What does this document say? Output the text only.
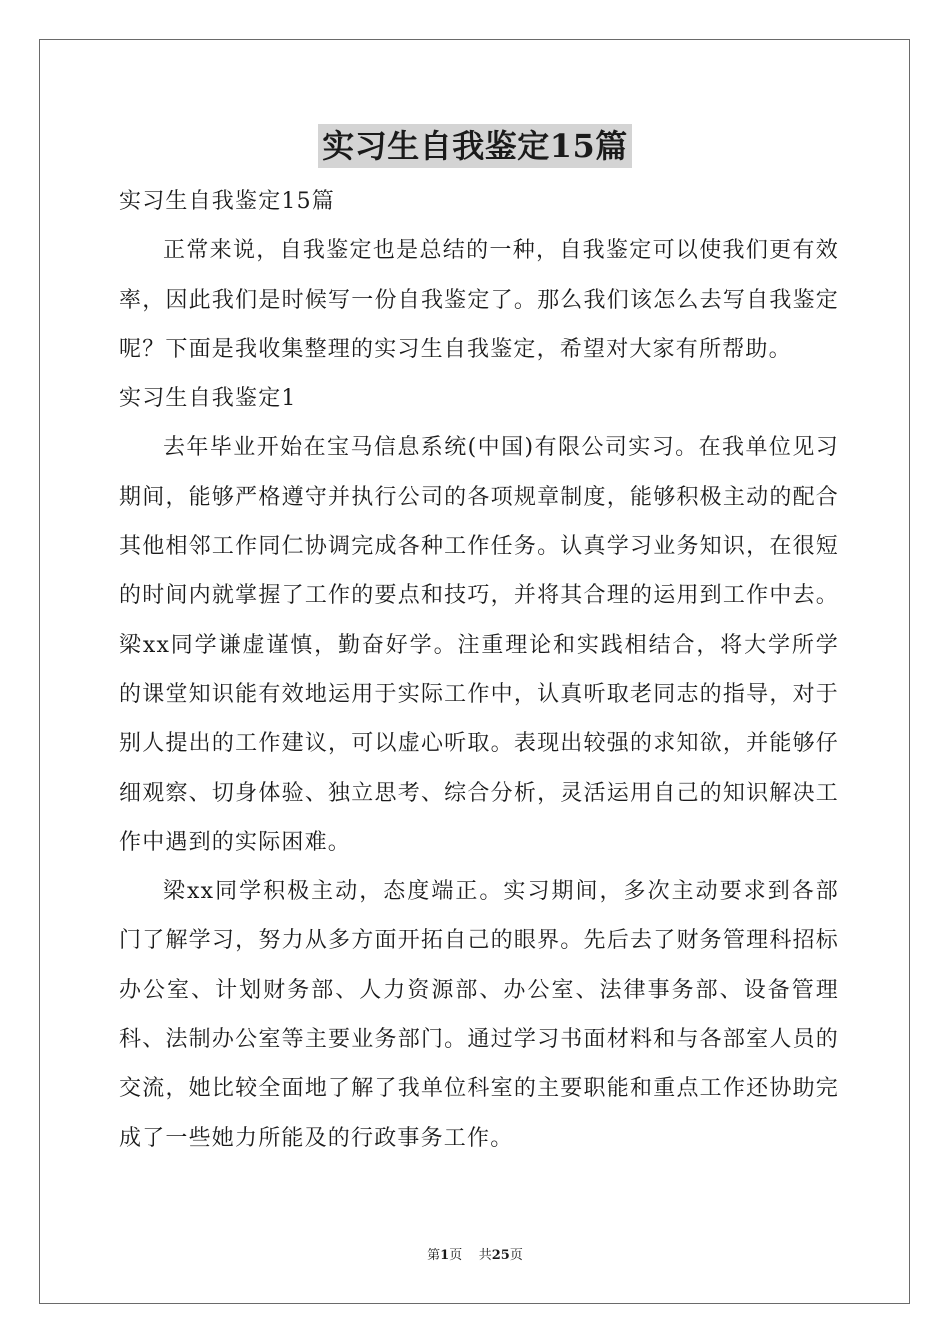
实习生自我鉴定15篇

实习生自我鉴定15篇

正常来说，自我鉴定也是总结的一种，自我鉴定可以使我们更有效率，因此我们是时候写一份自我鉴定了。那么我们该怎么去写自我鉴定呢？下面是我收集整理的实习生自我鉴定，希望对大家有所帮助。

实习生自我鉴定1

去年毕业开始在宝马信息系统(中国)有限公司实习。在我单位见习期间，能够严格遵守并执行公司的各项规章制度，能够积极主动的配合其他相邻工作同仁协调完成各种工作任务。认真学习业务知识，在很短的时间内就掌握了工作的要点和技巧，并将其合理的运用到工作中去。梁xx同学谦虚谨慎，勤奋好学。注重理论和实践相结合，将大学所学的课堂知识能有效地运用于实际工作中，认真听取老同志的指导，对于别人提出的工作建议，可以虚心听取。表现出较强的求知欲，并能够仔细观察、切身体验、独立思考、综合分析，灵活运用自己的知识解决工作中遇到的实际困难。

梁xx同学积极主动，态度端正。实习期间，多次主动要求到各部门了解学习，努力从多方面开拓自己的眼界。先后去了财务管理科招标办公室、计划财务部、人力资源部、办公室、法律事务部、设备管理科、法制办公室等主要业务部门。通过学习书面材料和与各部室人员的交流，她比较全面地了解了我单位科室的主要职能和重点工作还协助完成了一些她力所能及的行政事务工作。

第1页 共25页
